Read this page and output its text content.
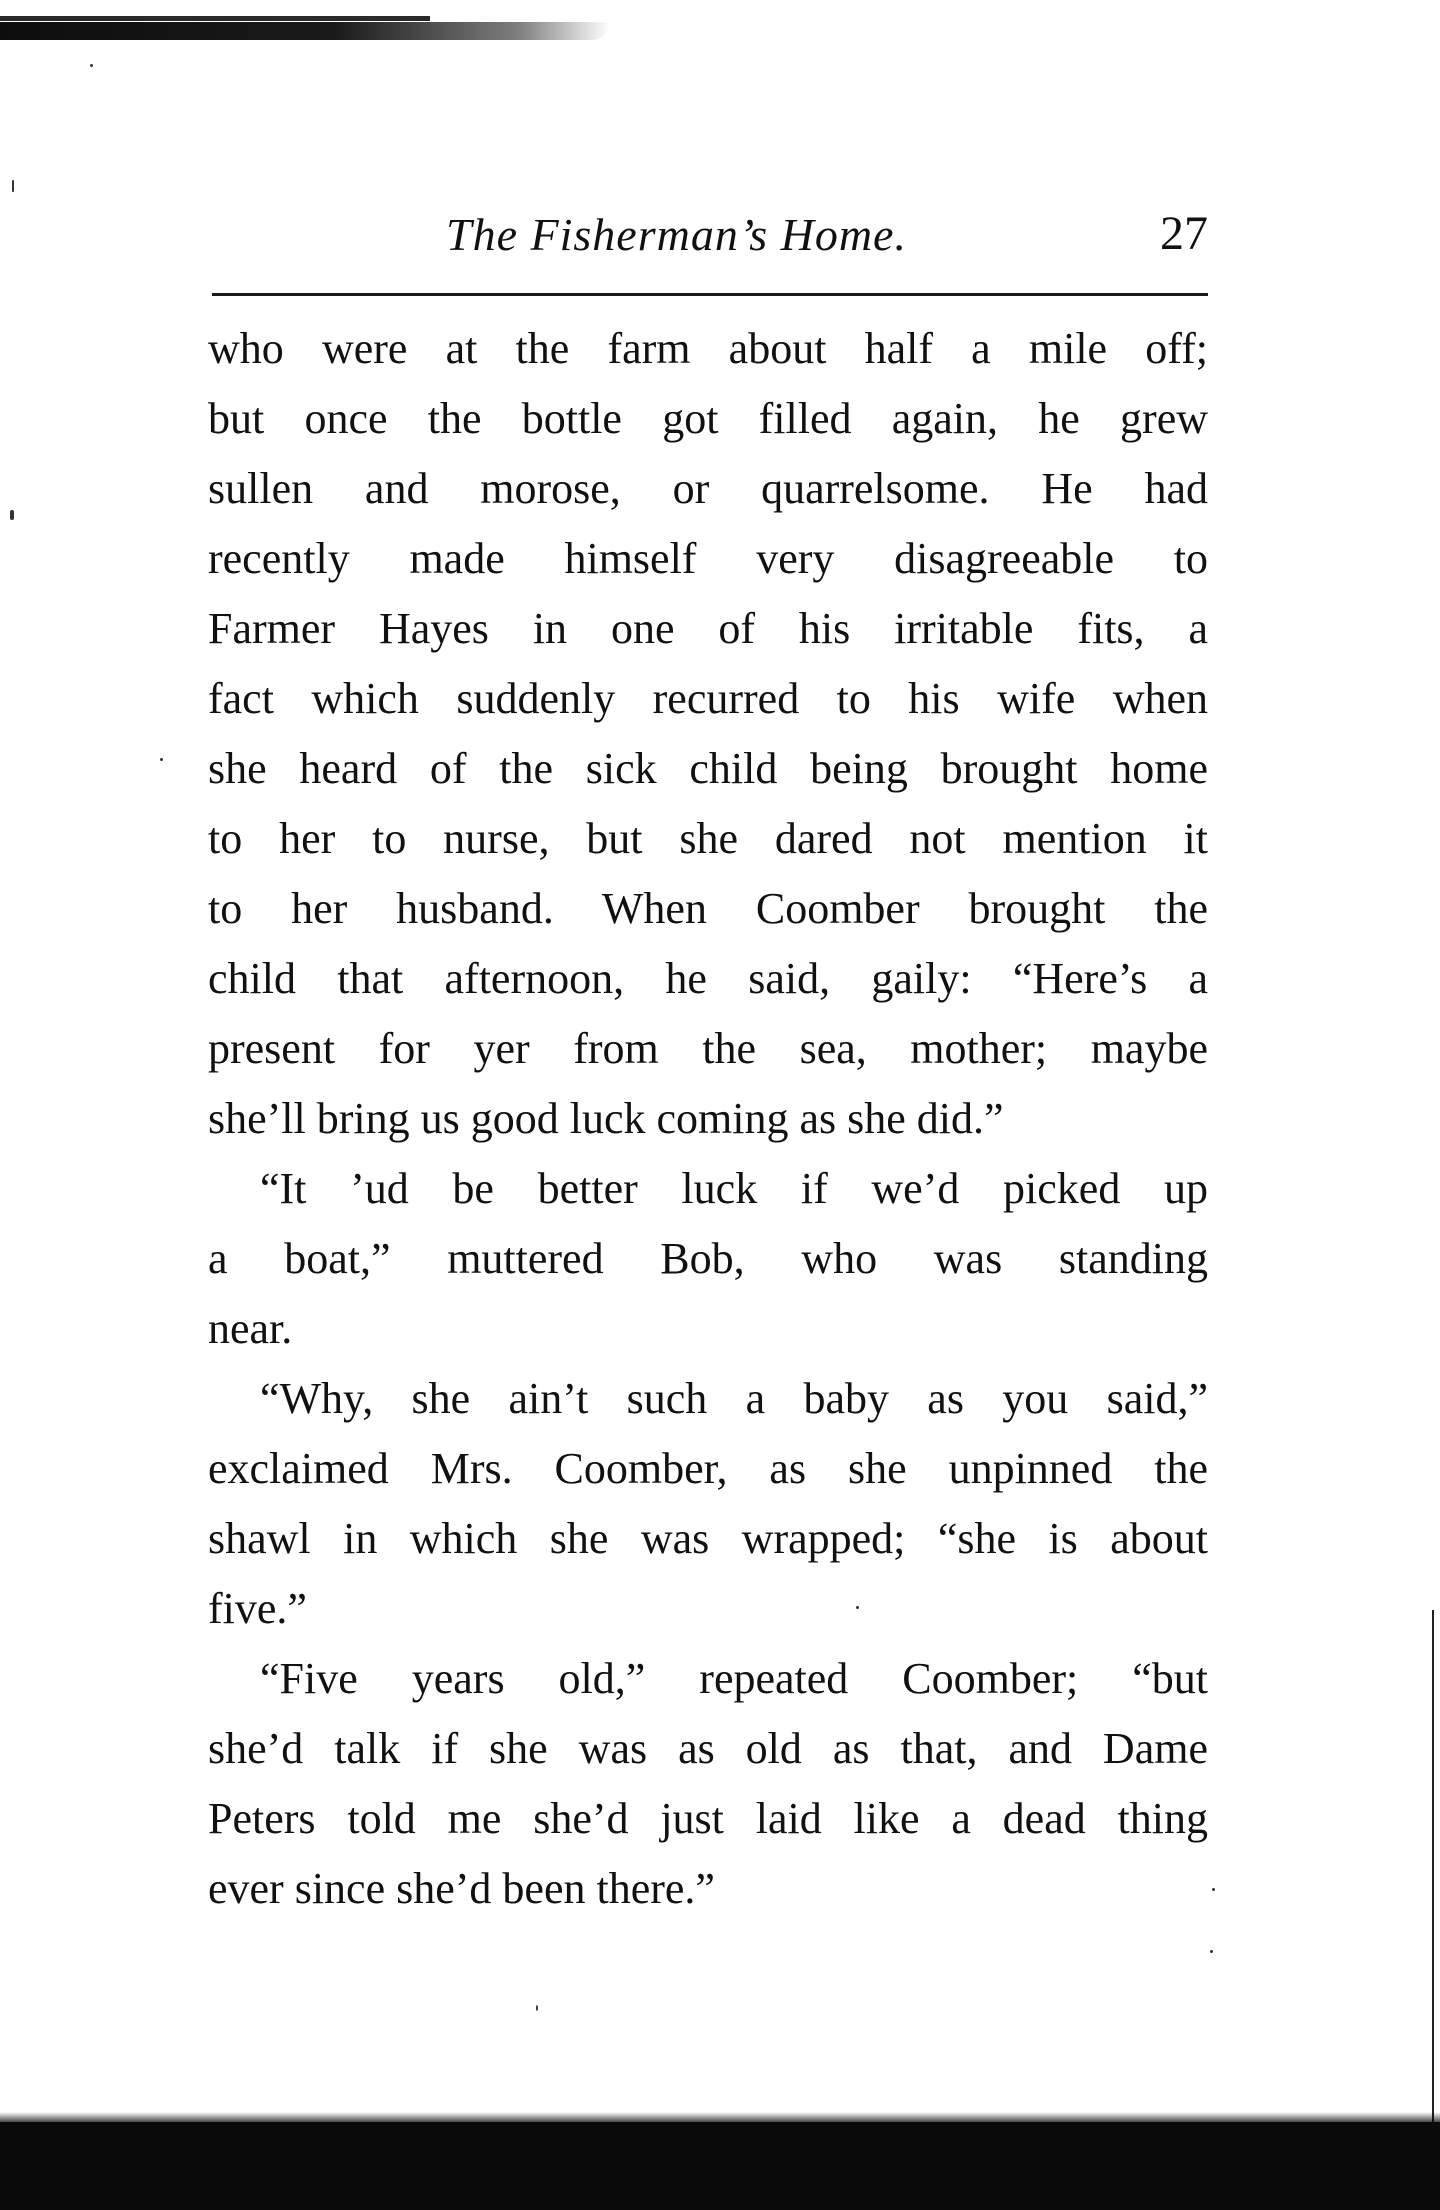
The Fisherman’s Home.	27
who were at the farm about half a mile off;
but once the bottle got filled again, he grew
sullen and morose, or quarrelsome. He had
recently made himself very disagreeable to
Farmer Hayes in one of his irritable fits, a
fact which suddenly recurred to his wife when
she heard of the sick child being brought home
to her to nurse, but she dared not mention it
to her husband. When Coomber brought the
child that afternoon, he said, gaily: “Here’s a
present for yer from the sea, mother; maybe
she’ll bring us good luck coming as she did.”
“It ’ud be better luck if we’d picked up
a boat,” muttered Bob, who was standing
near.
“Why, she ain’t such a baby as you said,”
exclaimed Mrs. Coomber, as she unpinned the
shawl in which she was wrapped; “she is about
five.”
“Five years old,” repeated Coomber; “but
she’d talk if she was as old as that, and Dame
Peters told me she’d just laid like a dead thing
ever since she’d been there.”
